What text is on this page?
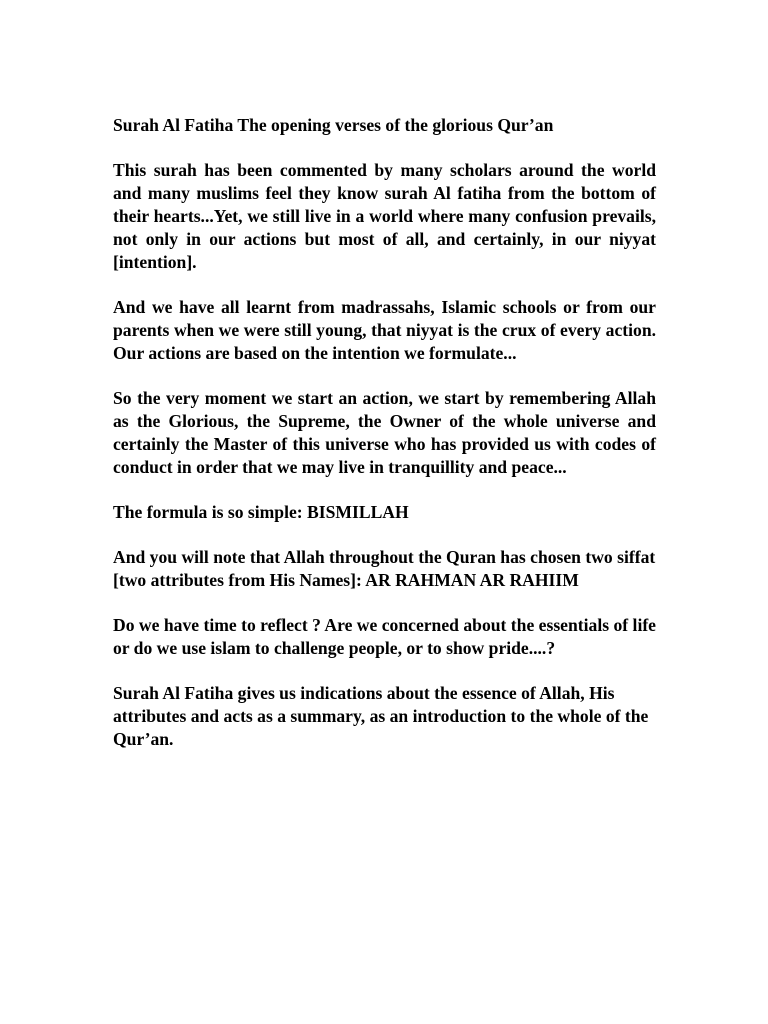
Surah Al Fatiha The opening verses of the glorious Qur’an

This surah has been commented by many scholars around the world and many muslims feel they know surah Al fatiha from the bottom of their hearts...Yet, we still live in a world where many confusion prevails, not only in our actions but most of all, and certainly, in our niyyat [intention].

And we have all learnt from madrassahs, Islamic schools or from our parents when we were still young, that niyyat is the crux of every action. Our actions are based on the intention we formulate...

So the very moment we start an action, we start by remembering Allah as the Glorious, the Supreme, the Owner of the whole universe and certainly the Master of this universe who has provided us with codes of conduct in order that we may live in tranquillity and peace...

The formula is so simple: BISMILLAH

And you will note that Allah throughout the Quran has chosen two siffat [two attributes from His Names]: AR RAHMAN AR RAHIIM

Do we have time to reflect ? Are we concerned about the essentials of life or do we use islam to challenge people, or to show pride....?

Surah Al Fatiha gives us indications about the essence of Allah, His attributes and acts as a summary, as an introduction to the whole of the Qur’an.
